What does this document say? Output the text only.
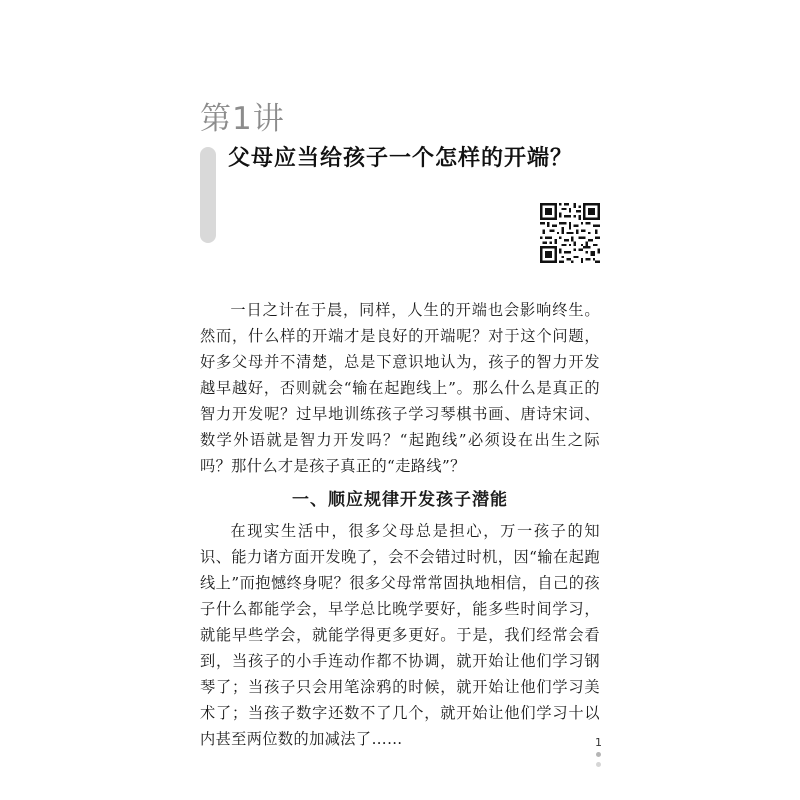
第1讲
父母应当给孩子一个怎样的开端？

一日之计在于晨，同样，人生的开端也会影响终生。然而，什么样的开端才是良好的开端呢？对于这个问题，好多父母并不清楚，总是下意识地认为，孩子的智力开发越早越好，否则就会“输在起跑线上”。那么什么是真正的智力开发呢？过早地训练孩子学习琴棋书画、唐诗宋词、数学外语就是智力开发吗？“起跑线”必须设在出生之际吗？那什么才是孩子真正的“走路线”？

一、顺应规律开发孩子潜能

在现实生活中，很多父母总是担心，万一孩子的知识、能力诸方面开发晚了，会不会错过时机，因“输在起跑线上”而抱憾终身呢？很多父母常常固执地相信，自己的孩子什么都能学会，早学总比晚学要好，能多些时间学习，就能早些学会，就能学得更多更好。于是，我们经常会看到，当孩子的小手连动作都不协调，就开始让他们学习钢琴了；当孩子只会用笔涂鸦的时候，就开始让他们学习美术了；当孩子数字还数不了几个，就开始让他们学习十以内甚至两位数的加减法了……	1
